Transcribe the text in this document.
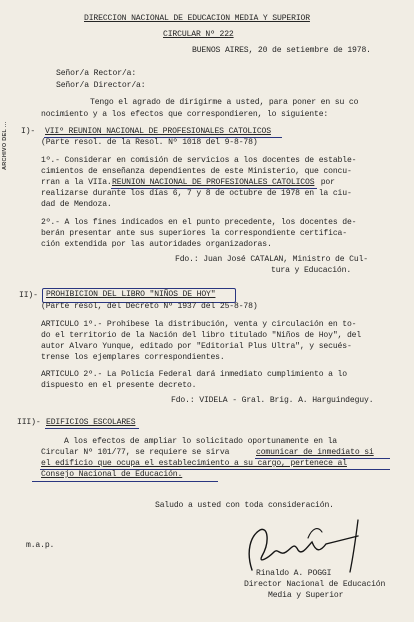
ARCHIVO DEL ...
DIRECCION NACIONAL DE EDUCACION MEDIA Y SUPERIOR
CIRCULAR Nº 222
BUENOS AIRES, 20 de setiembre de 1978.
Señor/a Rector/a:
Señor/a Director/a:
Tengo el agrado de dirigirme a usted, para poner en su co
nocimiento y a los efectos que correspondieren, lo siguiente:
I)- VIIº REUNION NACIONAL DE PROFESIONALES CATOLICOS
(Parte resol. de la Resol. Nº 1018 del 9-8-78)
1º.- Considerar en comisión de servicios a los docentes de estable-
cimientos de enseñanza dependientes de este Ministerio, que concu-
rran a la VIIa. REUNION NACIONAL DE PROFESIONALES CATOLICOS por
realizarse durante los días 6, 7 y 8 de octubre de 1978 en la ciu-
dad de Mendoza.
2º.- A los fines indicados en el punto precedente, los docentes de-
berán presentar ante sus superiores la correspondiente certifica-
ción extendida por las autoridades organizadoras.
Fdo.: Juan José CATALAN, Ministro de Cul-
tura y Educación.
II)- PROHIBICION DEL LIBRO "NIÑOS DE HOY"
(Parte resol, del Decreto Nº 1937 del 25-8-78)
ARTICULO 1º.- Prohíbese la distribución, venta y circulación en to-
do el territorio de la Nación del libro titulado "Niños de Hoy", del
autor Alvaro Yunque, editado por "Editorial Plus Ultra", y secués-
trense los ejemplares correspondientes.
ARTICULO 2º.- La Policía Federal dará inmediato cumplimiento a lo
dispuesto en el presente decreto.
Fdo.: VIDELA - Gral. Brig. A. Harguindeguy.
III)- EDIFICIOS ESCOLARES
A los efectos de ampliar lo solicitado oportunamente en la
Circular Nº 101/77, se requiere se sirva	comunicar de inmediato si
el edificio que ocupa el establecimiento a su cargo, pertenece al
Consejo Nacional de Educación.
Saludo a usted con toda consideración.
m.a.p.
Rinaldo A. POGGI
Director Nacional de Educación
Media y Superior
